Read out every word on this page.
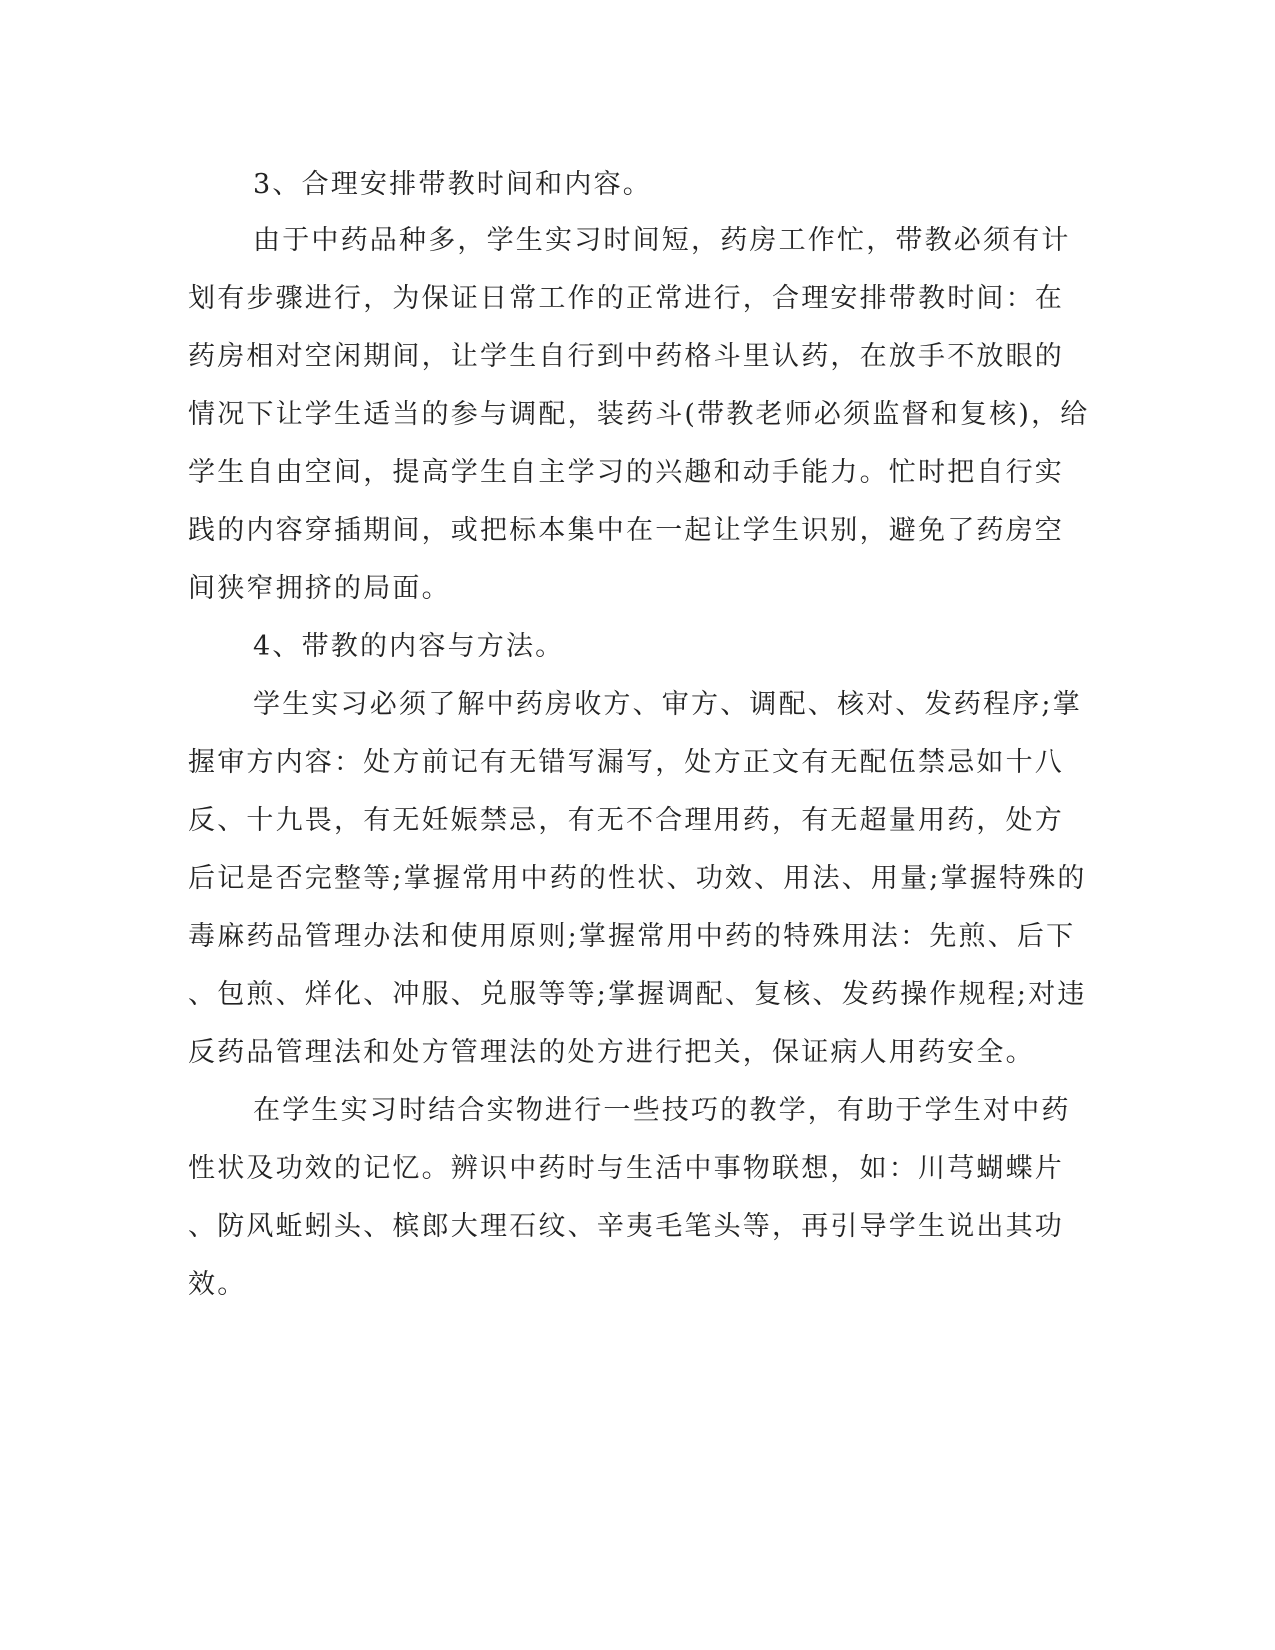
3、合理安排带教时间和内容。
由于中药品种多，学生实习时间短，药房工作忙，带教必须有计
划有步骤进行，为保证日常工作的正常进行，合理安排带教时间：在
药房相对空闲期间，让学生自行到中药格斗里认药，在放手不放眼的
情况下让学生适当的参与调配，装药斗(带教老师必须监督和复核)，给
学生自由空间，提高学生自主学习的兴趣和动手能力。忙时把自行实
践的内容穿插期间，或把标本集中在一起让学生识别，避免了药房空
间狭窄拥挤的局面。
4、带教的内容与方法。
学生实习必须了解中药房收方、审方、调配、核对、发药程序;掌
握审方内容：处方前记有无错写漏写，处方正文有无配伍禁忌如十八
反、十九畏，有无妊娠禁忌，有无不合理用药，有无超量用药，处方
后记是否完整等;掌握常用中药的性状、功效、用法、用量;掌握特殊的
毒麻药品管理办法和使用原则;掌握常用中药的特殊用法：先煎、后下
、包煎、烊化、冲服、兑服等等;掌握调配、复核、发药操作规程;对违
反药品管理法和处方管理法的处方进行把关，保证病人用药安全。
在学生实习时结合实物进行一些技巧的教学，有助于学生对中药
性状及功效的记忆。辨识中药时与生活中事物联想，如：川芎蝴蝶片
、防风蚯蚓头、槟郎大理石纹、辛夷毛笔头等，再引导学生说出其功
效。
